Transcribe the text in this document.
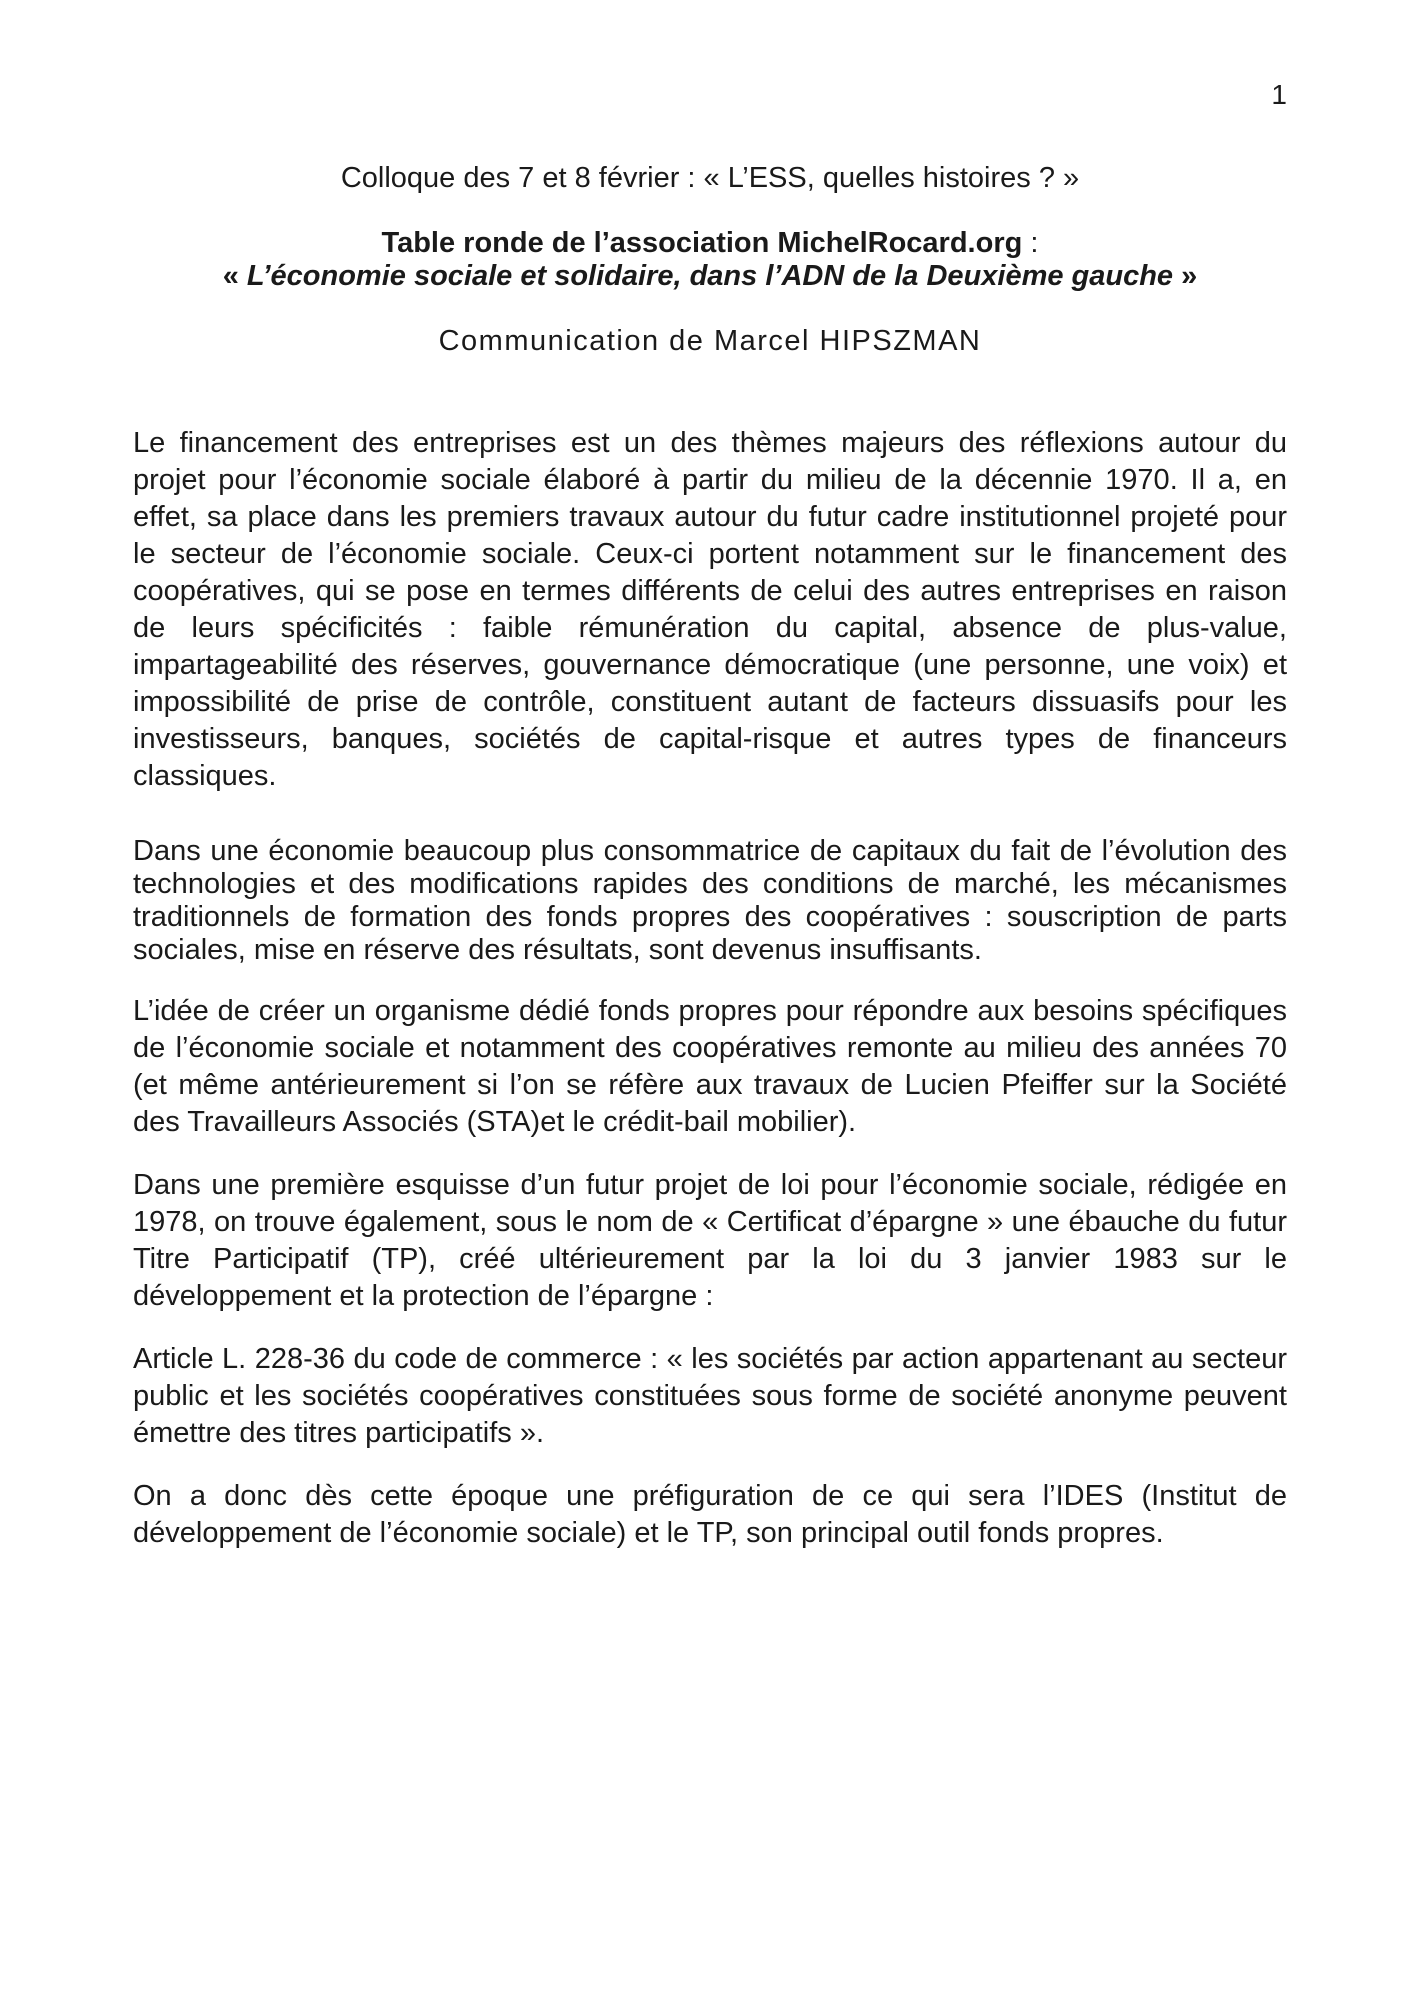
1
Colloque des 7 et 8 février : « L’ESS, quelles histoires ? »
Table ronde de l’association MichelRocard.org :
« L’économie sociale et solidaire, dans l’ADN de la Deuxième gauche »
Communication de Marcel HIPSZMAN

Le financement des entreprises est un des thèmes majeurs des réflexions autour du projet pour l’économie sociale élaboré à partir du milieu de la décennie 1970. Il a, en effet, sa place dans les premiers travaux autour du futur cadre institutionnel projeté pour le secteur de l’économie sociale. Ceux-ci portent notamment sur le financement des coopératives, qui se pose en termes différents de celui des autres entreprises en raison de leurs spécificités : faible rémunération du capital, absence de plus-value, impartageabilité des réserves, gouvernance démocratique (une personne, une voix) et impossibilité de prise de contrôle, constituent autant de facteurs dissuasifs pour les investisseurs, banques, sociétés de capital-risque et autres types de financeurs classiques.

Dans une économie beaucoup plus consommatrice de capitaux du fait de l’évolution des technologies et des modifications rapides des conditions de marché, les mécanismes traditionnels de formation des fonds propres des coopératives : souscription de parts sociales, mise en réserve des résultats, sont devenus insuffisants.

L’idée de créer un organisme dédié fonds propres pour répondre aux besoins spécifiques de l’économie sociale et notamment des coopératives remonte au milieu des années 70 (et même antérieurement si l’on se réfère aux travaux de Lucien Pfeiffer sur la Société des Travailleurs Associés (STA)et le crédit-bail mobilier).

Dans une première esquisse d’un futur projet de loi pour l’économie sociale, rédigée en 1978, on trouve également, sous le nom de « Certificat d’épargne » une ébauche du futur Titre Participatif (TP), créé ultérieurement par la loi du 3 janvier 1983 sur le développement et la protection de l’épargne :

Article L. 228-36 du code de commerce : « les sociétés par action appartenant au secteur public et les sociétés coopératives constituées sous forme de société anonyme peuvent émettre des titres participatifs ».

On a donc dès cette époque une préfiguration de ce qui sera l’IDES (Institut de développement de l’économie sociale) et le TP, son principal outil fonds propres.
